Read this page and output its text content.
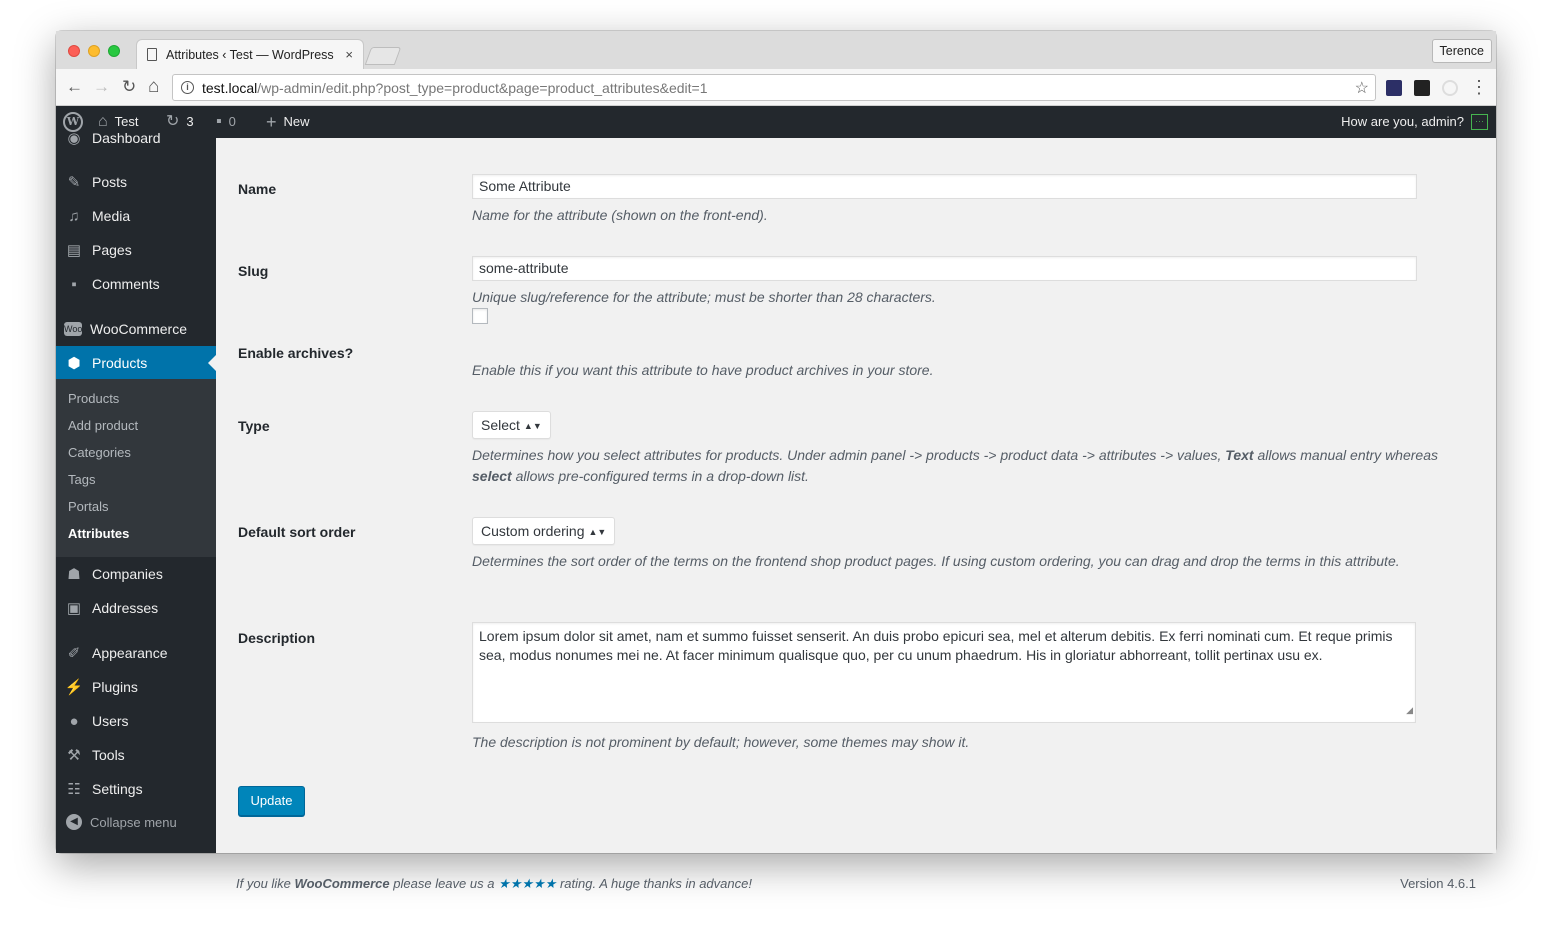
Attributes ‹ Test — WordPress ×	Terence
← → ↻ ⌂	i test.local /wp-admin/edit.php?post_type=product&page=product_attributes&edit=1	☆	⋮
W ⌂ Test ↻ 3 ▪ 0 + New	How are you, admin?	···
◉ Dashboard
✎ Posts
♫ Media
▤ Pages
▪	Comments
Woo WooCommerce
⬢ Products
Products
Add product
Categories
Tags
Portals
Attributes
☗ Companies
▣ Addresses
✐ Appearance
⚡ Plugins
● Users
⚒ Tools
☷ Settings
◀ Collapse menu
Name	Some Attribute
Name for the attribute (shown on the front-end).
Slug	some-attribute
Unique slug/reference for the attribute; must be shorter than 28 characters.
Enable archives?
Enable this if you want this attribute to have product archives in your store.
Type	Select ▲▼
Determines how you select attributes for products. Under admin panel -> products -> product data -> attributes -> values, Text allows manual entry whereas select allows pre-configured terms in a drop-down list.
Default sort order	Custom ordering ▲▼
Determines the sort order of the terms on the frontend shop product pages. If using custom ordering, you can drag and drop the terms in this attribute.
Description	Lorem ipsum dolor sit amet, nam et summo fuisset senserit. An duis probo epicuri sea, mel et alterum debitis. Ex ferri nominati cum. Et reque primis sea, modus nonumes mei ne. At facer minimum qualisque quo, per cu unum phaedrum. His in gloriatur abhorreant, tollit pertinax usu ex.
◢
The description is not prominent by default; however, some themes may show it.
Update
If you like WooCommerce please leave us a ★★★★★ rating. A huge thanks in advance!	Version 4.6.1
